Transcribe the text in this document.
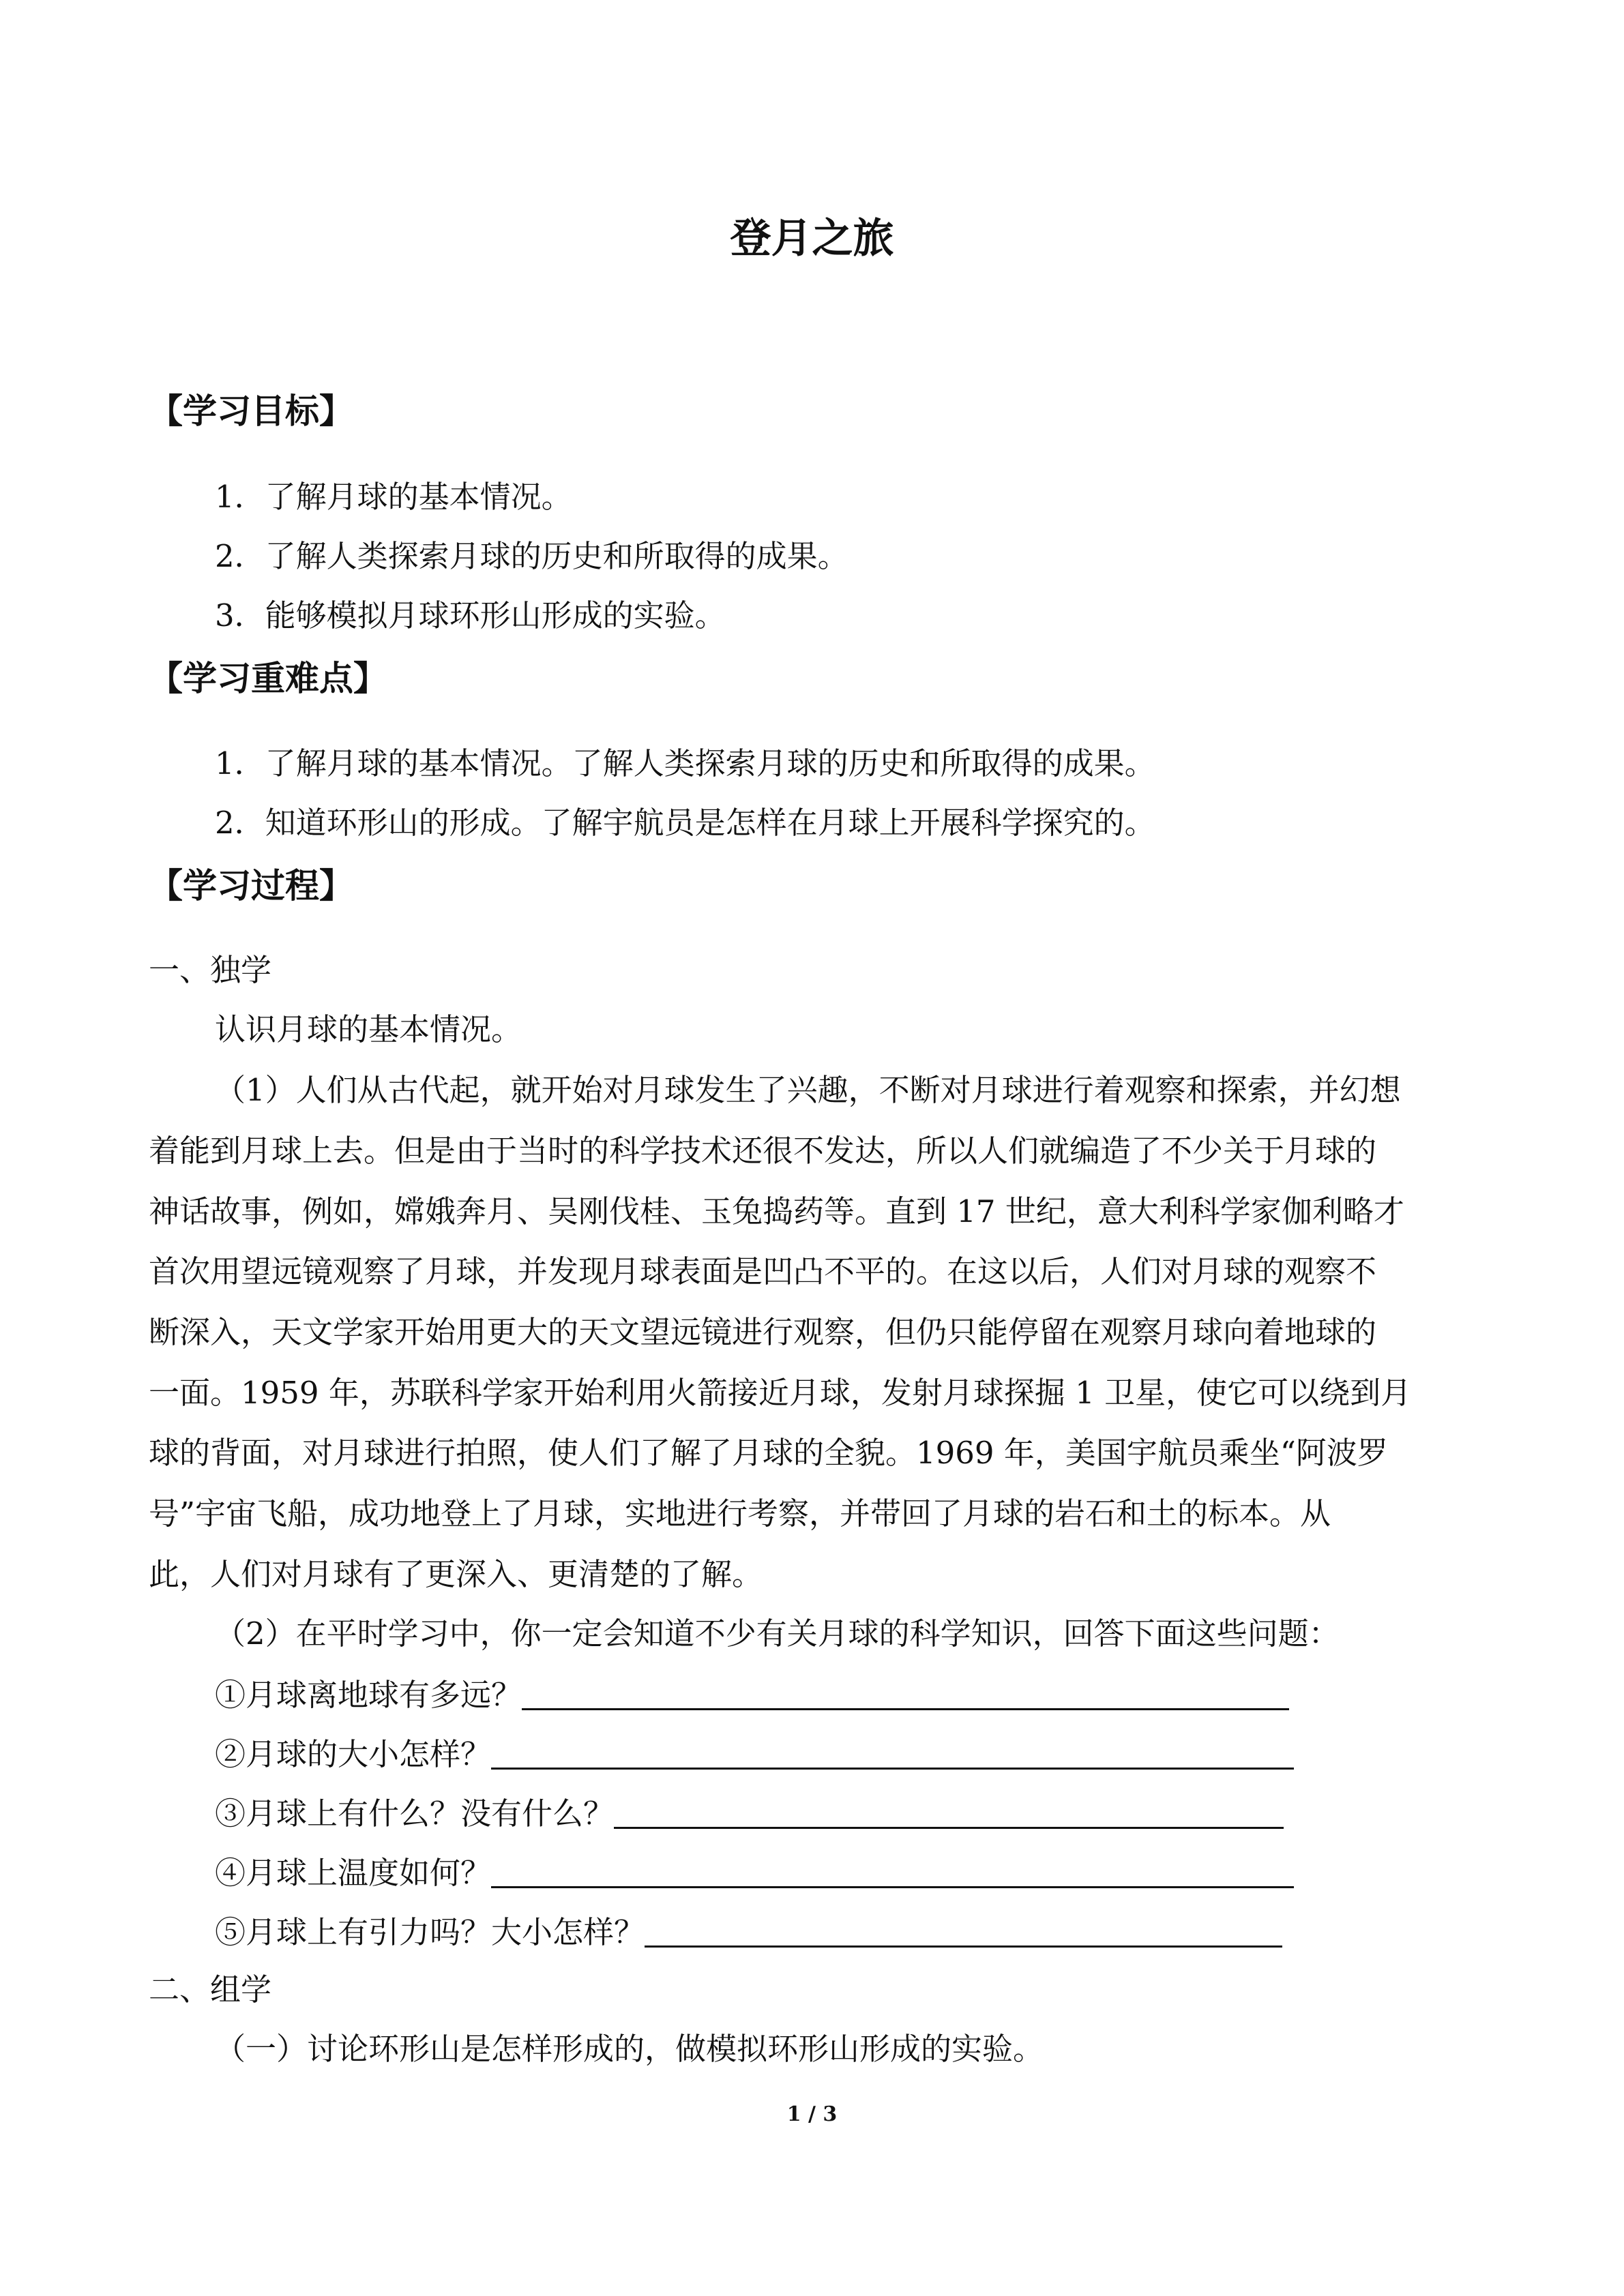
登月之旅
【学习目标】
1．了解月球的基本情况。
2．了解人类探索月球的历史和所取得的成果。
3．能够模拟月球环形山形成的实验。
【学习重难点】
1．了解月球的基本情况。了解人类探索月球的历史和所取得的成果。
2．知道环形山的形成。了解宇航员是怎样在月球上开展科学探究的。
【学习过程】
一、独学
认识月球的基本情况。
（1）人们从古代起，就开始对月球发生了兴趣，不断对月球进行着观察和探索，并幻想
着能到月球上去。但是由于当时的科学技术还很不发达，所以人们就编造了不少关于月球的
神话故事，例如，嫦娥奔月、吴刚伐桂、玉兔捣药等。直到 17 世纪，意大利科学家伽利略才
首次用望远镜观察了月球，并发现月球表面是凹凸不平的。在这以后，人们对月球的观察不
断深入，天文学家开始用更大的天文望远镜进行观察，但仍只能停留在观察月球向着地球的
一面。1959 年，苏联科学家开始利用火箭接近月球，发射月球探掘 1 卫星，使它可以绕到月
球的背面，对月球进行拍照，使人们了解了月球的全貌。1969 年，美国宇航员乘坐“阿波罗
号”宇宙飞船，成功地登上了月球，实地进行考察，并带回了月球的岩石和土的标本。从
此，人们对月球有了更深入、更清楚的了解。
（2）在平时学习中，你一定会知道不少有关月球的科学知识，回答下面这些问题：
①月球离地球有多远？
②月球的大小怎样？
③月球上有什么？没有什么？
④月球上温度如何？
⑤月球上有引力吗？大小怎样？
二、组学
（一）讨论环形山是怎样形成的，做模拟环形山形成的实验。
1 / 3
